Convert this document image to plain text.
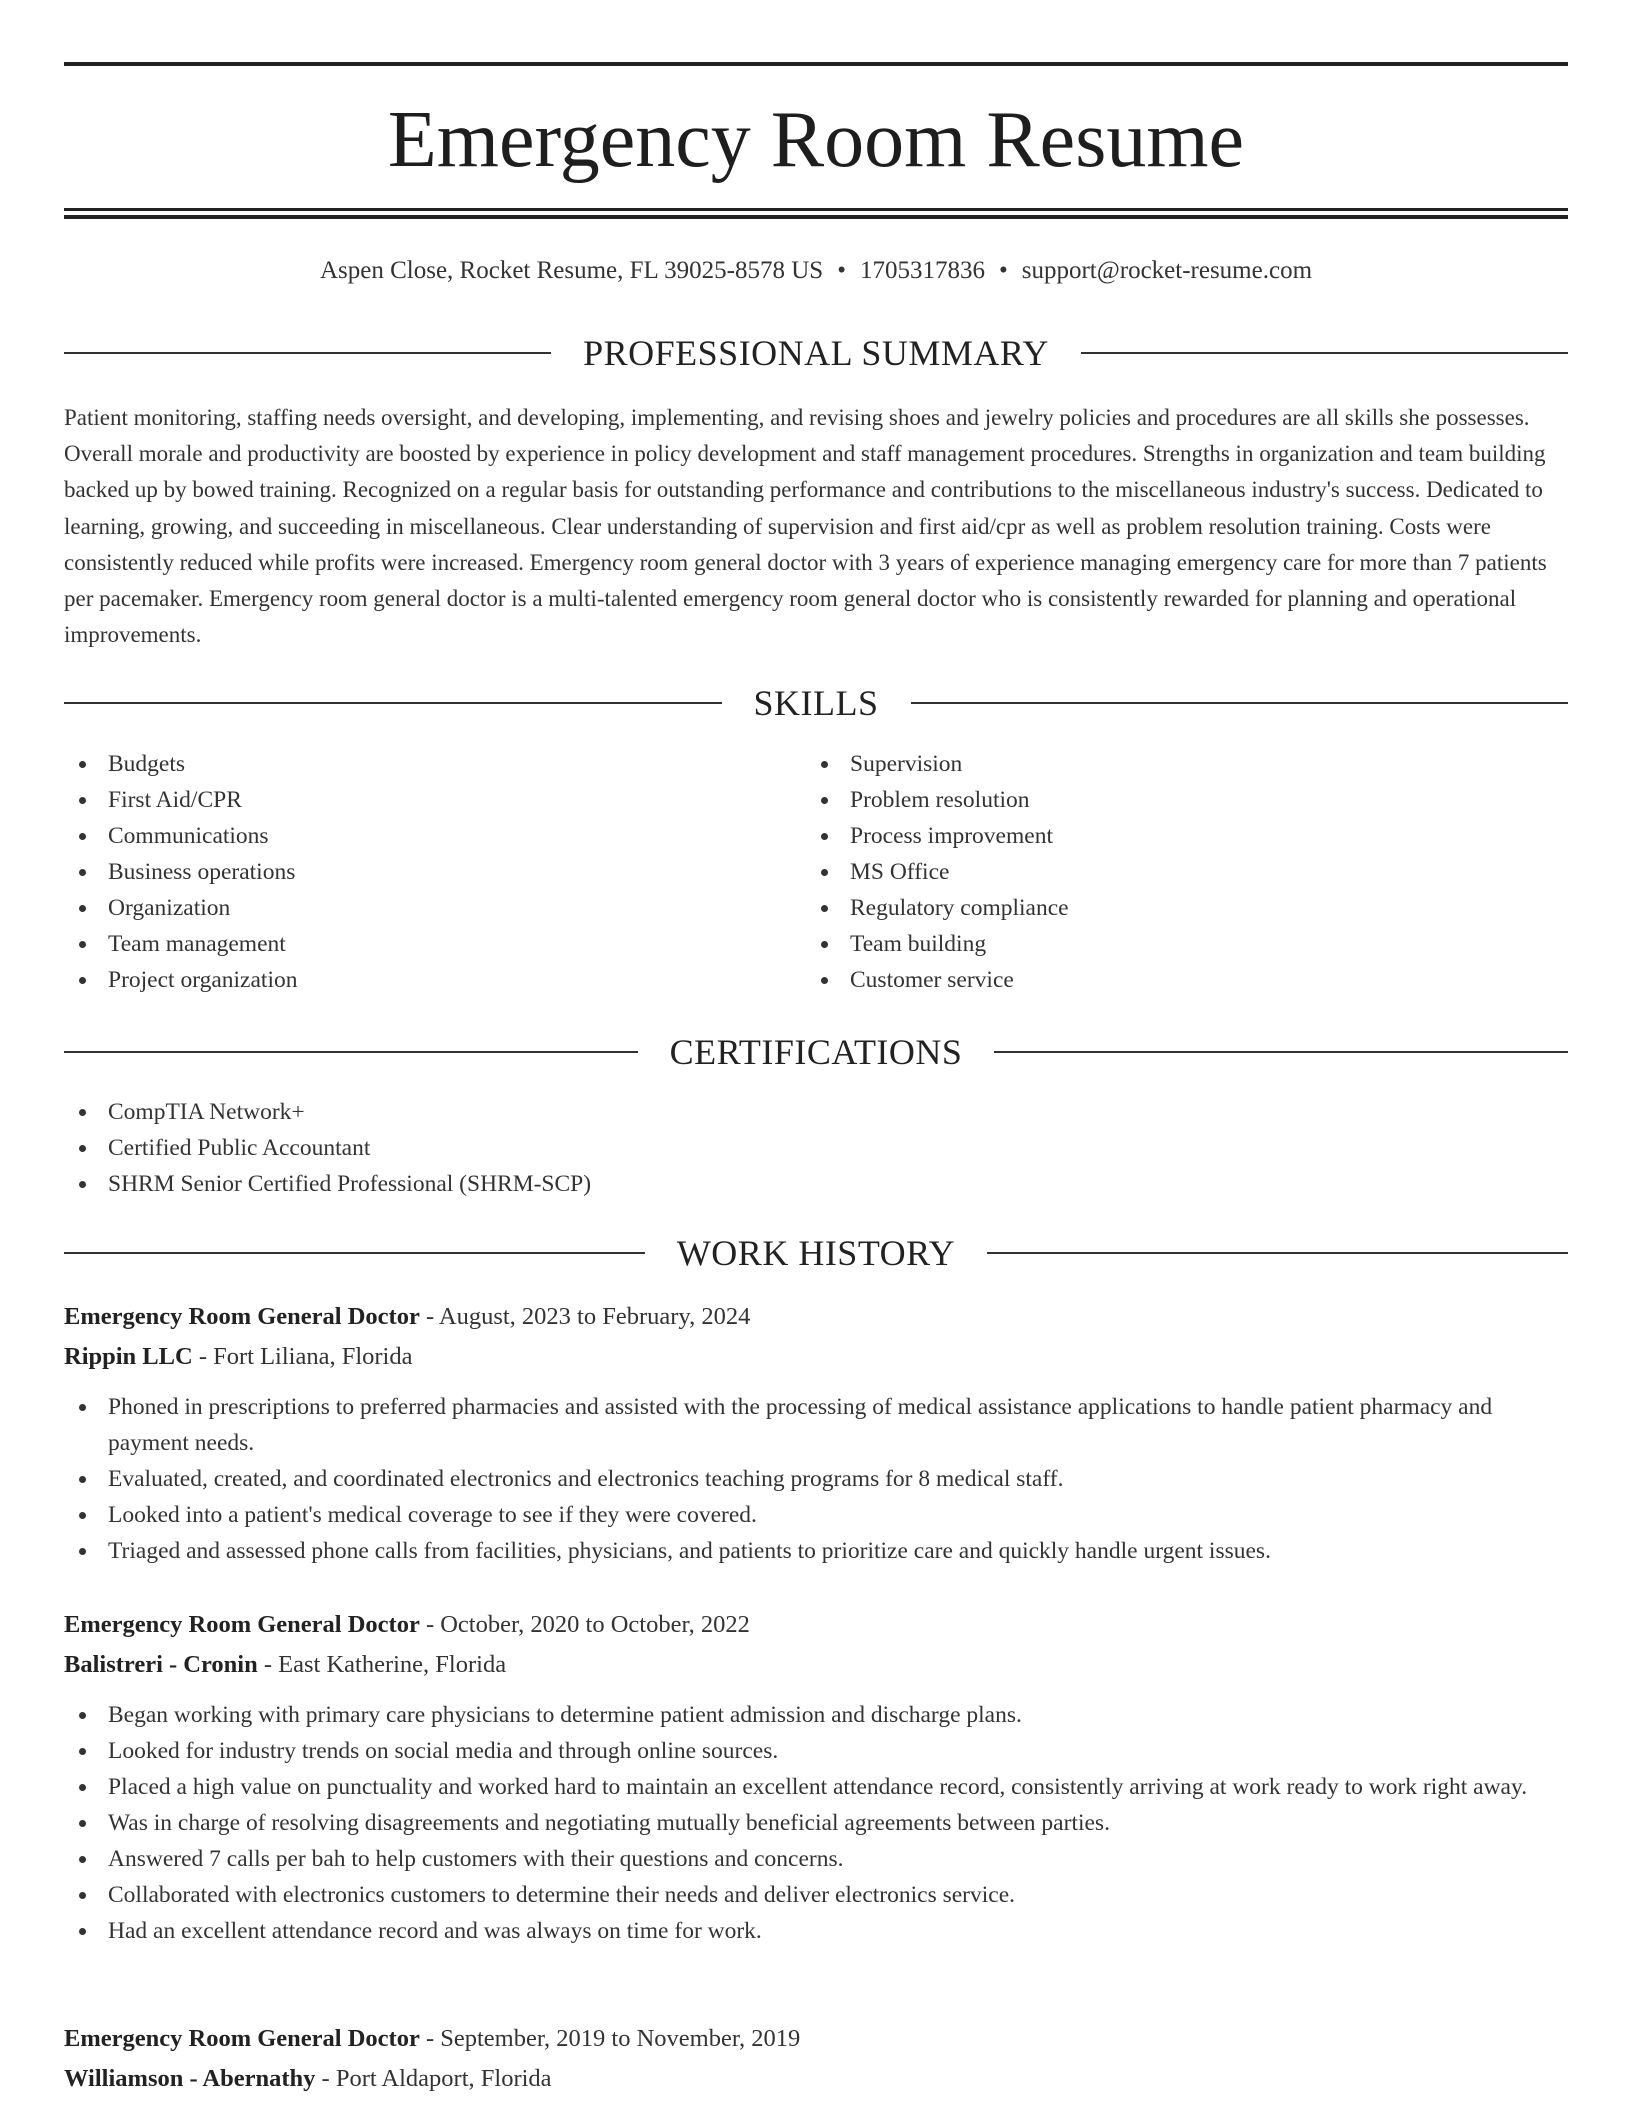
Emergency Room Resume
Aspen Close, Rocket Resume, FL 39025-8578 US • 1705317836 • support@rocket-resume.com
PROFESSIONAL SUMMARY

Patient monitoring, staffing needs oversight, and developing, implementing, and revising shoes and jewelry policies and procedures are all skills she possesses. Overall morale and productivity are boosted by experience in policy development and staff management procedures. Strengths in organization and team building backed up by bowed training. Recognized on a regular basis for outstanding performance and contributions to the miscellaneous industry's success. Dedicated to learning, growing, and succeeding in miscellaneous. Clear understanding of supervision and first aid/cpr as well as problem resolution training. Costs were consistently reduced while profits were increased. Emergency room general doctor with 3 years of experience managing emergency care for more than 7 patients per pacemaker. Emergency room general doctor is a multi-talented emergency room general doctor who is consistently rewarded for planning and operational improvements.

SKILLS
Budgets
First Aid/CPR
Communications
Business operations
Organization
Team management
Project organization
Supervision
Problem resolution
Process improvement
MS Office
Regulatory compliance
Team building
Customer service
CERTIFICATIONS
CompTIA Network+
Certified Public Accountant
SHRM Senior Certified Professional (SHRM-SCP)
WORK HISTORY
Emergency Room General Doctor - August, 2023 to February, 2024
Rippin LLC - Fort Liliana, Florida
Phoned in prescriptions to preferred pharmacies and assisted with the processing of medical assistance applications to handle patient pharmacy and payment needs.
Evaluated, created, and coordinated electronics and electronics teaching programs for 8 medical staff.
Looked into a patient's medical coverage to see if they were covered.
Triaged and assessed phone calls from facilities, physicians, and patients to prioritize care and quickly handle urgent issues.
Emergency Room General Doctor - October, 2020 to October, 2022
Balistreri - Cronin - East Katherine, Florida
Began working with primary care physicians to determine patient admission and discharge plans.
Looked for industry trends on social media and through online sources.
Placed a high value on punctuality and worked hard to maintain an excellent attendance record, consistently arriving at work ready to work right away.
Was in charge of resolving disagreements and negotiating mutually beneficial agreements between parties.
Answered 7 calls per bah to help customers with their questions and concerns.
Collaborated with electronics customers to determine their needs and deliver electronics service.
Had an excellent attendance record and was always on time for work.
Emergency Room General Doctor - September, 2019 to November, 2019
Williamson - Abernathy - Port Aldaport, Florida
